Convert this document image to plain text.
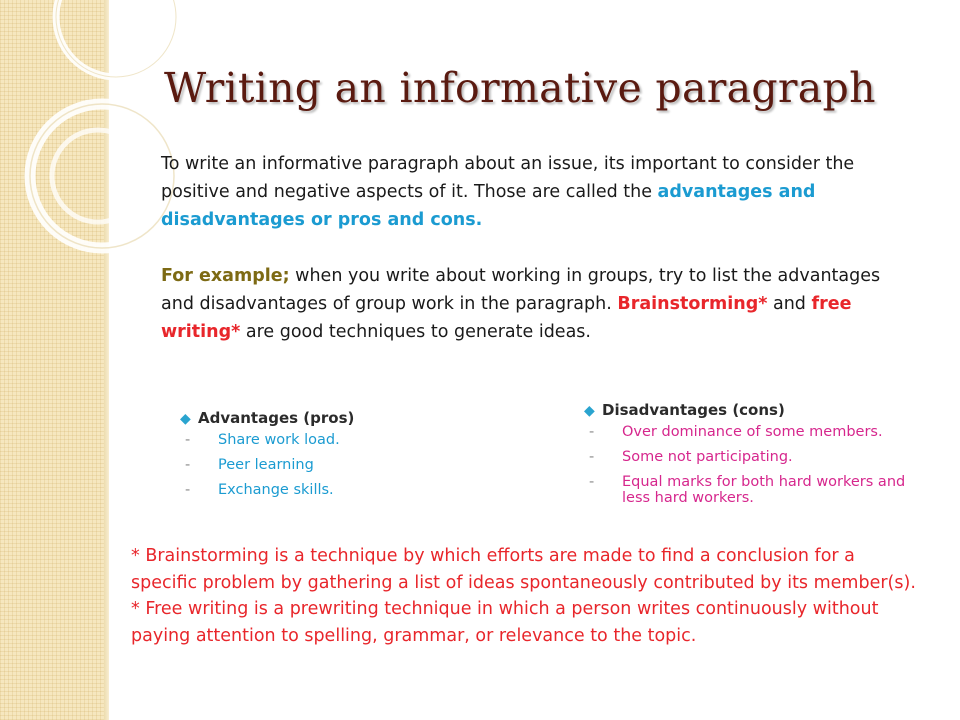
Writing an informative paragraph

To write an informative paragraph about an issue, its important to consider the positive and negative aspects of it. Those are called the advantages and disadvantages or pros and cons.

For example; when you write about working in groups, try to list the advantages and disadvantages of group work in the paragraph. Brainstorming* and free writing* are good techniques to generate ideas.

◆ Advantages (pros)
- Share work load.
- Peer learning
- Exchange skills.
◆ Disadvantages (cons)
- Over dominance of some members.
- Some not participating.
- Equal marks for both hard workers and less hard workers.
* Brainstorming is a technique by which efforts are made to find a conclusion for a specific problem by gathering a list of ideas spontaneously contributed by its member(s).
* Free writing is a prewriting technique in which a person writes continuously without paying attention to spelling, grammar, or relevance to the topic.
